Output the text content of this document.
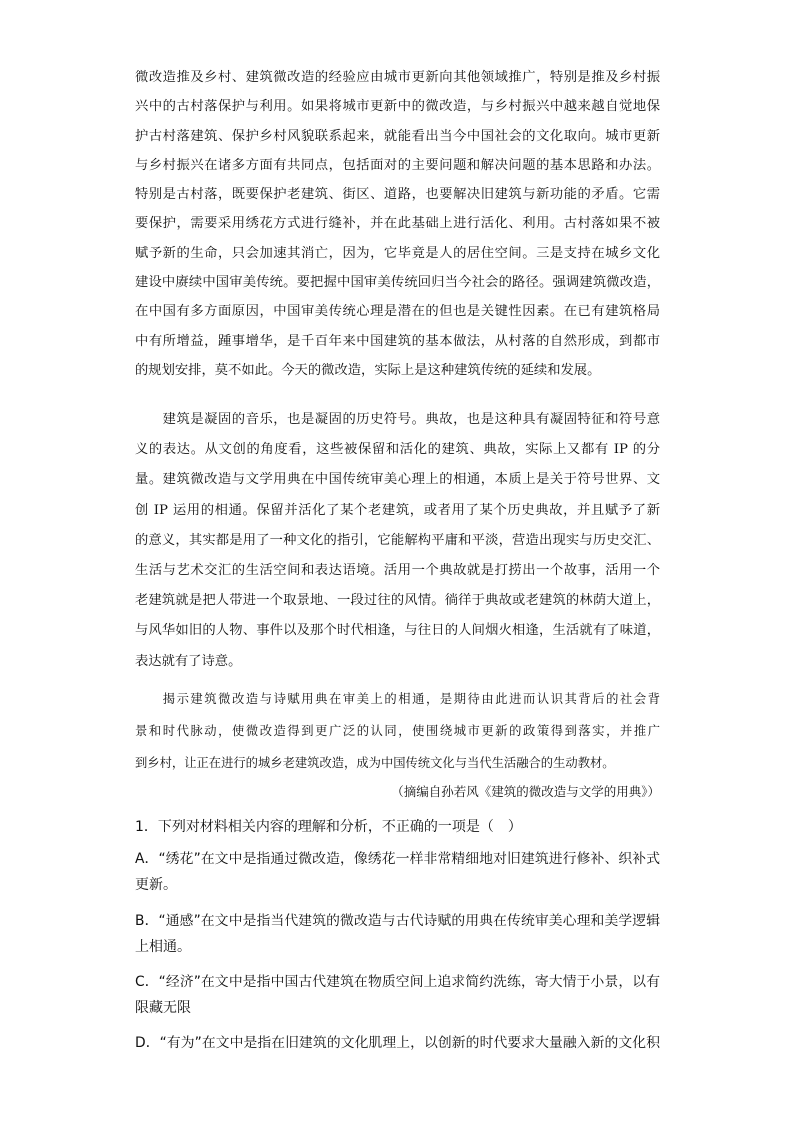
微改造推及乡村、建筑微改造的经验应由城市更新向其他领域推广，特别是推及乡村振
兴中的古村落保护与利用。如果将城市更新中的微改造，与乡村振兴中越来越自觉地保
护古村落建筑、保护乡村风貌联系起来，就能看出当今中国社会的文化取向。城市更新
与乡村振兴在诸多方面有共同点，包括面对的主要问题和解决问题的基本思路和办法。
特别是古村落，既要保护老建筑、街区、道路，也要解决旧建筑与新功能的矛盾。它需
要保护，需要采用绣花方式进行缝补，并在此基础上进行活化、利用。古村落如果不被
赋予新的生命，只会加速其消亡，因为，它毕竟是人的居住空间。三是支持在城乡文化
建设中赓续中国审美传统。要把握中国审美传统回归当今社会的路径。强调建筑微改造，
在中国有多方面原因，中国审美传统心理是潜在的但也是关键性因素。在已有建筑格局
中有所增益，踵事增华，是千百年来中国建筑的基本做法，从村落的自然形成，到都市
的规划安排，莫不如此。今天的微改造，实际上是这种建筑传统的延续和发展。
　　建筑是凝固的音乐，也是凝固的历史符号。典故，也是这种具有凝固特征和符号意
义的表达。从文创的角度看，这些被保留和活化的建筑、典故，实际上又都有 IP 的分
量。建筑微改造与文学用典在中国传统审美心理上的相通，本质上是关于符号世界、文
创 IP 运用的相通。保留并活化了某个老建筑，或者用了某个历史典故，并且赋予了新
的意义，其实都是用了一种文化的指引，它能解构平庸和平淡，营造出现实与历史交汇、
生活与艺术交汇的生活空间和表达语境。活用一个典故就是打捞出一个故事，活用一个
老建筑就是把人带进一个取景地、一段过往的风情。徜徉于典故或老建筑的林荫大道上，
与风华如旧的人物、事件以及那个时代相逢，与往日的人间烟火相逢，生活就有了味道，
表达就有了诗意。
　　揭示建筑微改造与诗赋用典在审美上的相通，是期待由此进而认识其背后的社会背
景和时代脉动，使微改造得到更广泛的认同，使围绕城市更新的政策得到落实，并推广
到乡村，让正在进行的城乡老建筑改造，成为中国传统文化与当代生活融合的生动教材。
（摘编自孙若风《建筑的微改造与文学的用典》）
1．下列对材料相关内容的理解和分析，不正确的一项是（　）
A．“绣花”在文中是指通过微改造，像绣花一样非常精细地对旧建筑进行修补、织补式
更新。
B．“通感”在文中是指当代建筑的微改造与古代诗赋的用典在传统审美心理和美学逻辑
上相通。
C．“经济”在文中是指中国古代建筑在物质空间上追求简约洗练，寄大情于小景，以有
限藏无限
D．“有为”在文中是指在旧建筑的文化肌理上，以创新的时代要求大量融入新的文化积
